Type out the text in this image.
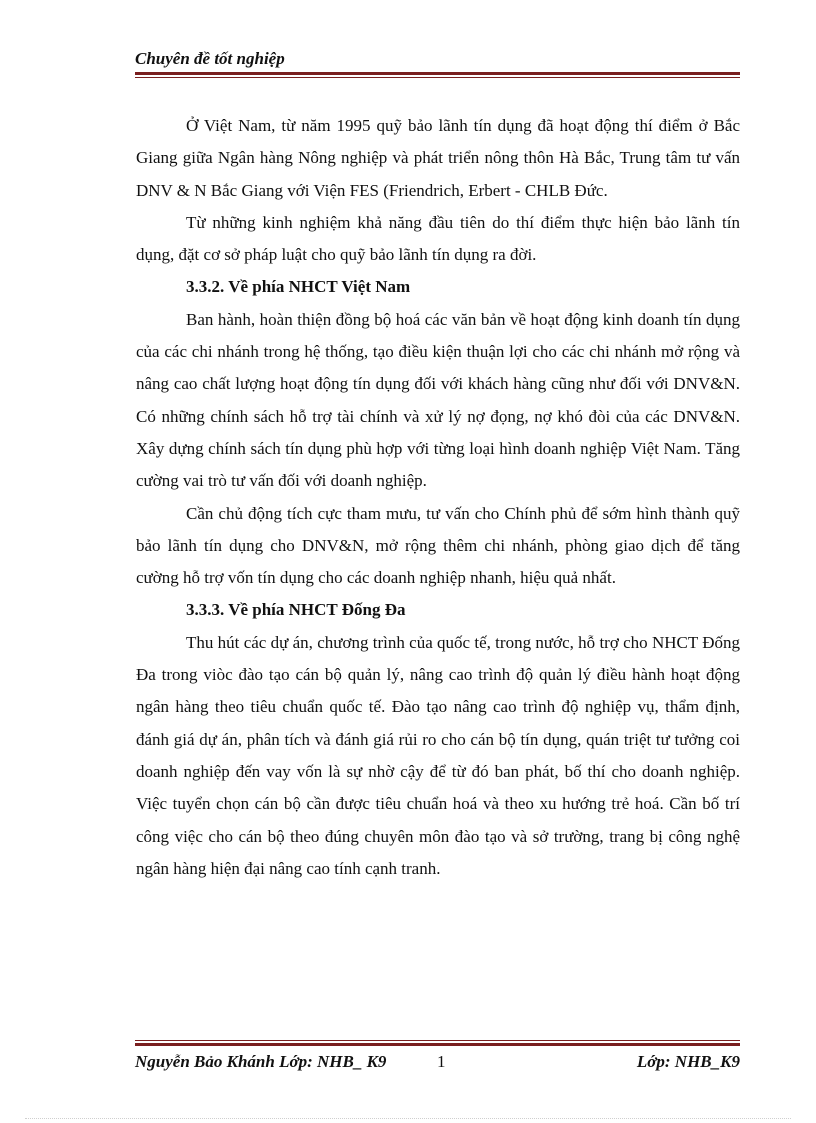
Chuyên đề tốt nghiệp

Ở Việt Nam, từ năm 1995 quỹ bảo lãnh tín dụng đã hoạt động thí điểm ở Bắc Giang giữa Ngân hàng Nông nghiệp và phát triển nông thôn Hà Bắc, Trung tâm tư vấn DNV & N Bắc Giang với Viện FES (Friendrich, Erbert - CHLB Đức.

Từ những kinh nghiệm khả năng đầu tiên do thí điểm thực hiện bảo lãnh tín dụng, đặt cơ sở pháp luật cho quỹ bảo lãnh tín dụng ra đời.

3.3.2. Về phía NHCT Việt Nam

Ban hành, hoàn thiện đồng bộ hoá các văn bản về hoạt động kinh doanh tín dụng của các chi nhánh trong hệ thống, tạo điều kiện thuận lợi cho các chi nhánh mở rộng và nâng cao chất lượng hoạt động tín dụng đối với khách hàng cũng như đối với DNV&N. Có những chính sách hỗ trợ tài chính và xử lý nợ đọng, nợ khó đòi của các DNV&N. Xây dựng chính sách tín dụng phù hợp với từng loại hình doanh nghiệp Việt Nam. Tăng cường vai trò tư vấn đối với doanh nghiệp.

Cần chủ động tích cực tham mưu, tư vấn cho Chính phủ để sớm hình thành quỹ bảo lãnh tín dụng cho DNV&N, mở rộng thêm chi nhánh, phòng giao dịch để tăng cường hỗ trợ vốn tín dụng cho các doanh nghiệp nhanh, hiệu quả nhất.

3.3.3. Về phía NHCT Đống Đa

Thu hút các dự án, chương trình của quốc tế, trong nước, hỗ trợ cho NHCT Đống Đa trong viòc đào tạo cán bộ quản lý, nâng cao trình độ quản lý điều hành hoạt động ngân hàng theo tiêu chuẩn quốc tế. Đào tạo nâng cao trình độ nghiệp vụ, thẩm định, đánh giá dự án, phân tích và đánh giá rủi ro cho cán bộ tín dụng, quán triệt tư tưởng coi doanh nghiệp đến vay vốn là sự nhờ cậy để từ đó ban phát, bố thí cho doanh nghiệp. Việc tuyển chọn cán bộ cần được tiêu chuẩn hoá và theo xu hướng trẻ hoá. Cần bố trí công việc cho cán bộ theo đúng chuyên môn đào tạo và sở trường, trang bị công nghệ ngân hàng hiện đại nâng cao tính cạnh tranh.

Nguyễn Bảo Khánh Lớp: NHB_ K9	1	Lớp: NHB_K9
